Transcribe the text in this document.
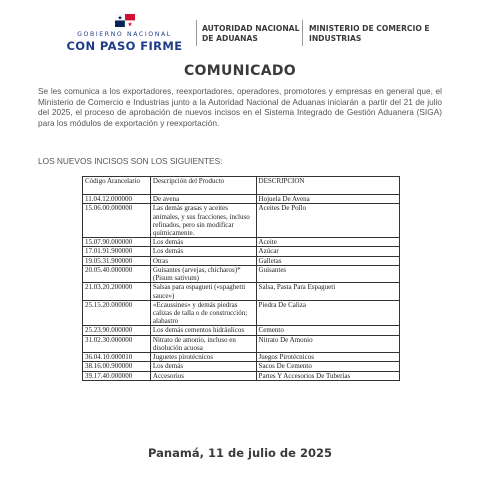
GOBIERNO NACIONAL
CON PASO FIRME
AUTORIDAD NACIONAL DE ADUANAS
MINISTERIO DE COMERCIO E INDUSTRIAS
COMUNICADO
Se les comunica a los exportadores, reexportadores, operadores, promotores y empresas en general que, el Ministerio de Comercio e Industrias junto a la Autoridad Nacional de Aduanas iniciarán a partir del 21 de julio del 2025, el proceso de aprobación de nuevos incisos en el Sistema Integrado de Gestión Aduanera (SIGA) para los módulos de exportación y reexportación.
LOS NUEVOS INCISOS SON LOS SIGUIENTES:
Código Arancelario	Descripción del Producto	DESCRIPCION
11.04.12.000000	De avena	Hojuela De Avena
15.06.00.000000	Las demás grasas y aceites animales, y sus fracciones, incluso refinados, pero sin modificar químicamente.	Aceites De Pollo
15.07.90.000000	Los demás	Aceite
17.01.91.900000	Los demás	Azúcar
19.05.31.900000	Otras	Galletas
20.05.40.000000	Guisantes (arvejas, chícharos)* (Pisum sativum)	Guisantes
21.03.20.200000	Salsas para espagueti («spaghetti sauce»)	Salsa, Pasta Para Espagueti
25.15.20.000000	«Ecaussines» y demás piedras calizas de talla o de construcción; alabastro	Piedra De Caliza
25.23.90.000000	Los demás cementos hidráulicos	Cemento
31.02.30.000000	Nitrato de amonio, incluso en disolución acuosa	Nitrato De Amonio
36.04.10.000010	Juguetes pirotécnicos	Juegos Pirotécnicos
38.16.00.900000	Los demás	Sacos De Cemento
39.17.40.000000	Accesorios	Partes Y Accesorios De Tuberías
Panamá, 11 de julio de 2025
